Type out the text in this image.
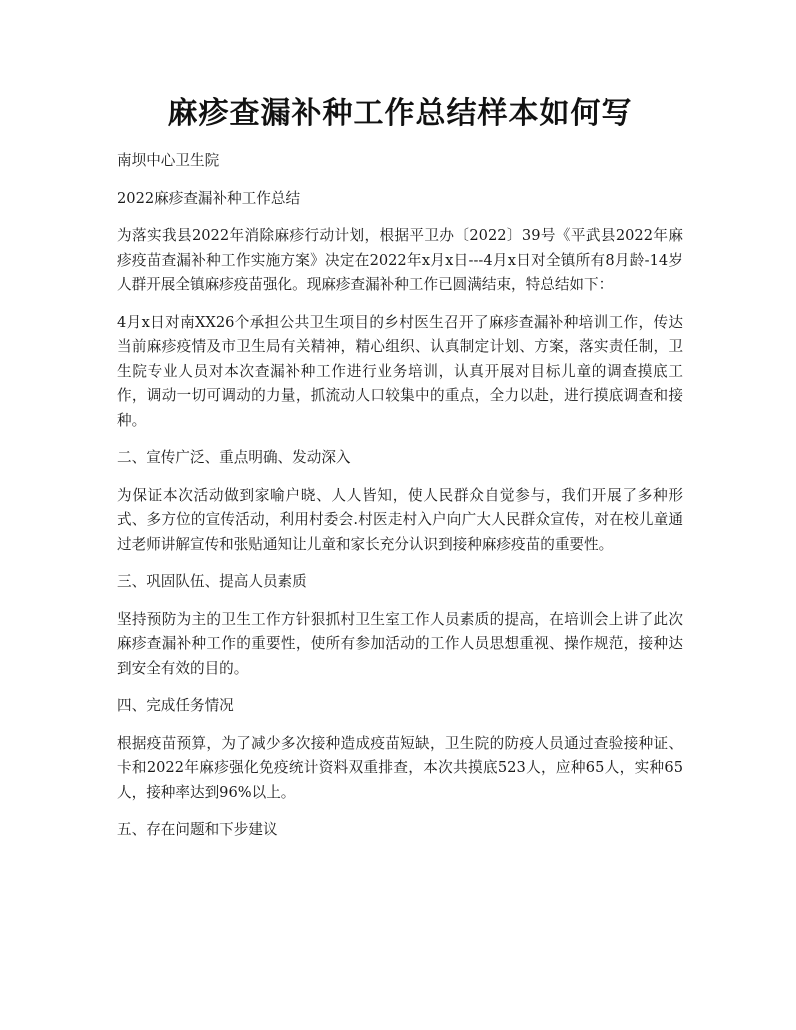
麻疹查漏补种工作总结样本如何写

南坝中心卫生院

2022麻疹查漏补种工作总结

为落实我县2022年消除麻疹行动计划，根据平卫办〔2022〕39号《平武县2022年麻疹疫苗查漏补种工作实施方案》决定在2022年x月x日---4月x日对全镇所有8月龄-14岁人群开展全镇麻疹疫苗强化。现麻疹查漏补种工作已圆满结束，特总结如下：

4月x日对南XX26个承担公共卫生项目的乡村医生召开了麻疹查漏补种培训工作，传达当前麻疹疫情及市卫生局有关精神，精心组织、认真制定计划、方案，落实责任制，卫生院专业人员对本次查漏补种工作进行业务培训，认真开展对目标儿童的调查摸底工作，调动一切可调动的力量，抓流动人口较集中的重点，全力以赴，进行摸底调查和接种。

二、宣传广泛、重点明确、发动深入

为保证本次活动做到家喻户晓、人人皆知，使人民群众自觉参与，我们开展了多种形式、多方位的宣传活动，利用村委会.村医走村入户向广大人民群众宣传，对在校儿童通过老师讲解宣传和张贴通知让儿童和家长充分认识到接种麻疹疫苗的重要性。

三、巩固队伍、提高人员素质

坚持预防为主的卫生工作方针狠抓村卫生室工作人员素质的提高，在培训会上讲了此次麻疹查漏补种工作的重要性，使所有参加活动的工作人员思想重视、操作规范，接种达到安全有效的目的。

四、完成任务情况

根据疫苗预算，为了减少多次接种造成疫苗短缺，卫生院的防疫人员通过查验接种证、卡和2022年麻疹强化免疫统计资料双重排查，本次共摸底523人，应种65人，实种65人，接种率达到96%以上。

五、存在问题和下步建议
